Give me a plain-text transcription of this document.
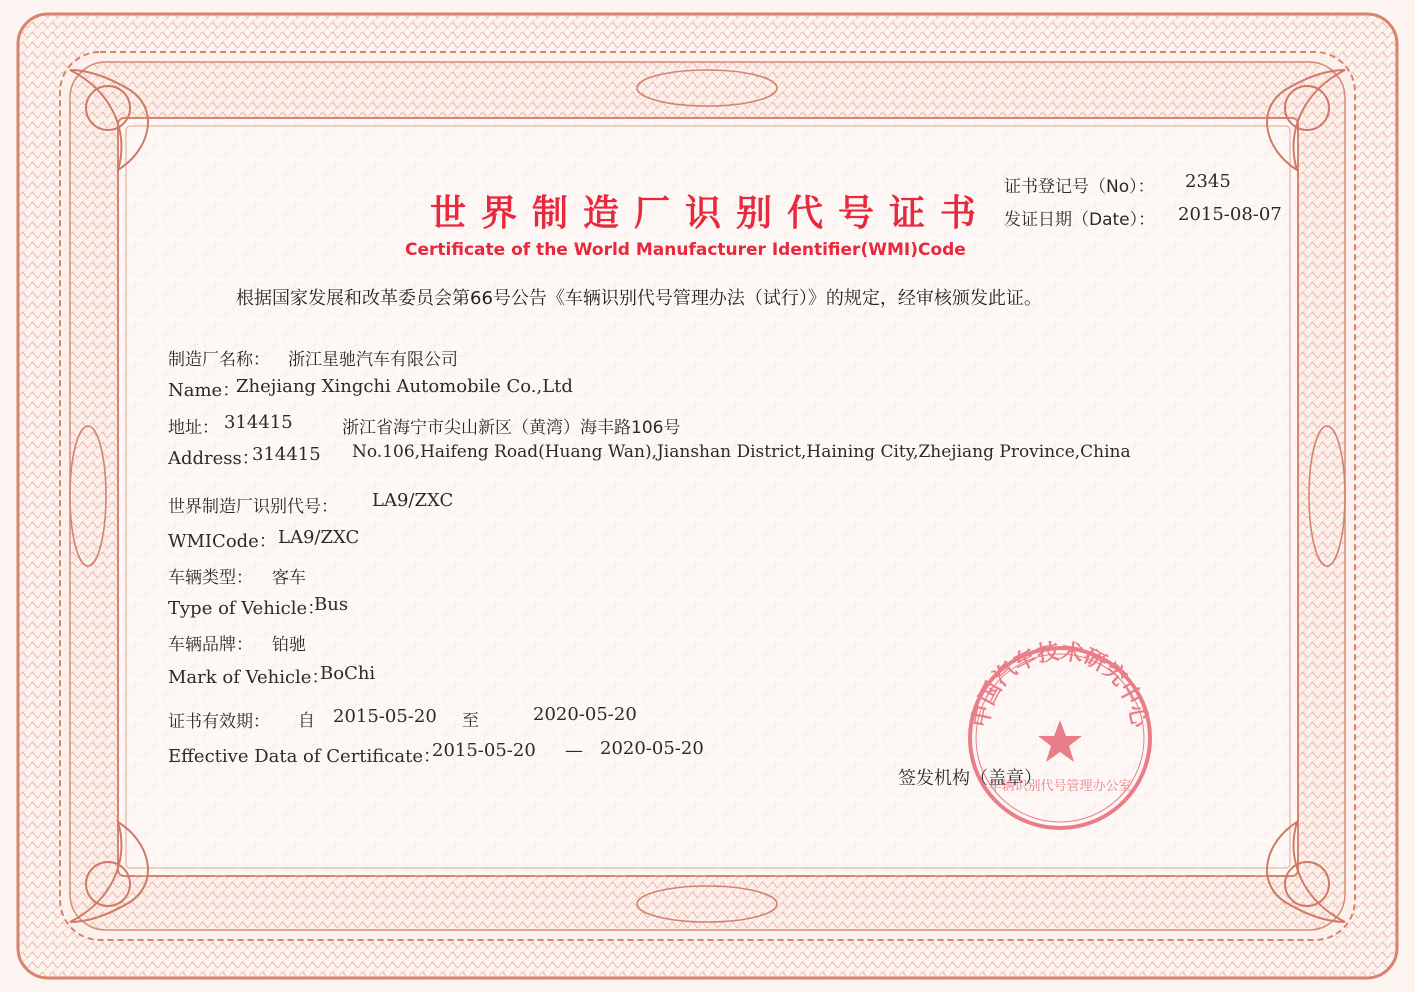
证书登记号（No）： 2345
发证日期（Date）： 2015-08-07
世界制造厂识别代号证书
Certificate of the World Manufacturer Identifier(WMI)Code
根据国家发展和改革委员会第66号公告《车辆识别代号管理办法（试行）》的规定，经审核颁发此证。
制造厂名称： 浙江星驰汽车有限公司
Name：
Zhejiang Xingchi Automobile Co.,Ltd
地址： 314415	浙江省海宁市尖山新区（黄湾）海丰路106号
Address：
314415 No.106,Haifeng Road(Huang Wan),Jianshan District,Haining City,Zhejiang Province,China
世界制造厂识别代号： LA9/ZXC
WMICode： LA9/ZXC
车辆类型： 客车
Type of Vehicle：
Bus
车辆品牌： 铂驰
Mark of Vehicle：
BoChi
证书有效期： 自 2015-05-20 至	2020-05-20
Effective Data of Certificate：
2015-05-20 — 2020-05-20
签发机构（盖章）
中国汽车技术研究中心
车辆识别代号管理办公室
